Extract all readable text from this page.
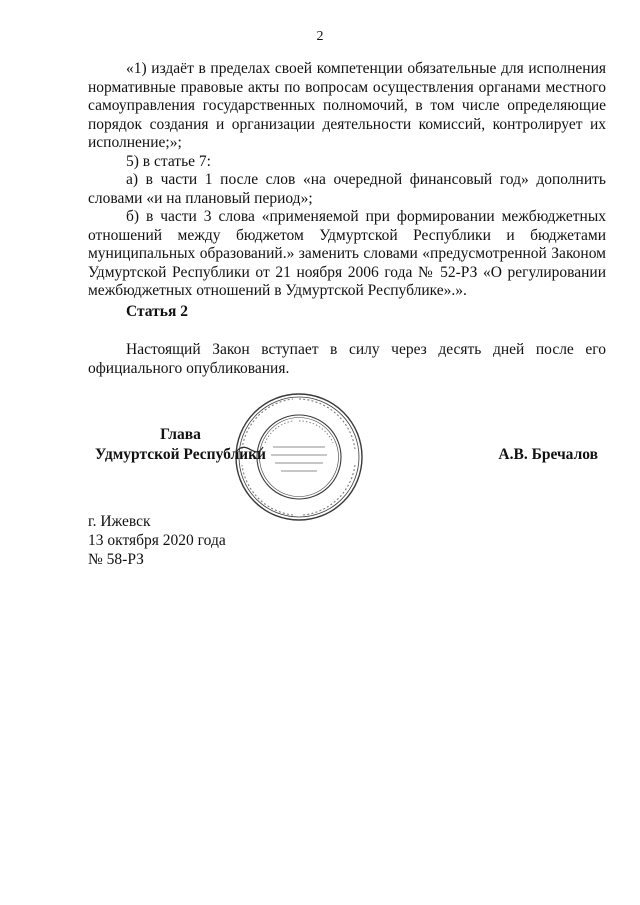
2

«1) издаёт в пределах своей компетенции обязательные для исполнения нормативные правовые акты по вопросам осуществления органами местного самоуправления государственных полномочий, в том числе определяющие порядок создания и организации деятельности комиссий, контролирует их исполнение;»;

5) в статье 7:

а) в части 1 после слов «на очередной финансовый год» дополнить словами «и на плановый период»;

б) в части 3 слова «применяемой при формировании межбюджетных отношений между бюджетом Удмуртской Республики и бюджетами муниципальных образований.» заменить словами «предусмотренной Законом Удмуртской Республики от 21 ноября 2006 года № 52-РЗ «О регулировании межбюджетных отношений в Удмуртской Республике».».

Статья 2

Настоящий Закон вступает в силу через десять дней после его официального опубликования.

Глава
Удмуртской Республики	А.В. Бречалов
г. Ижевск
13 октября 2020 года
№ 58-РЗ
